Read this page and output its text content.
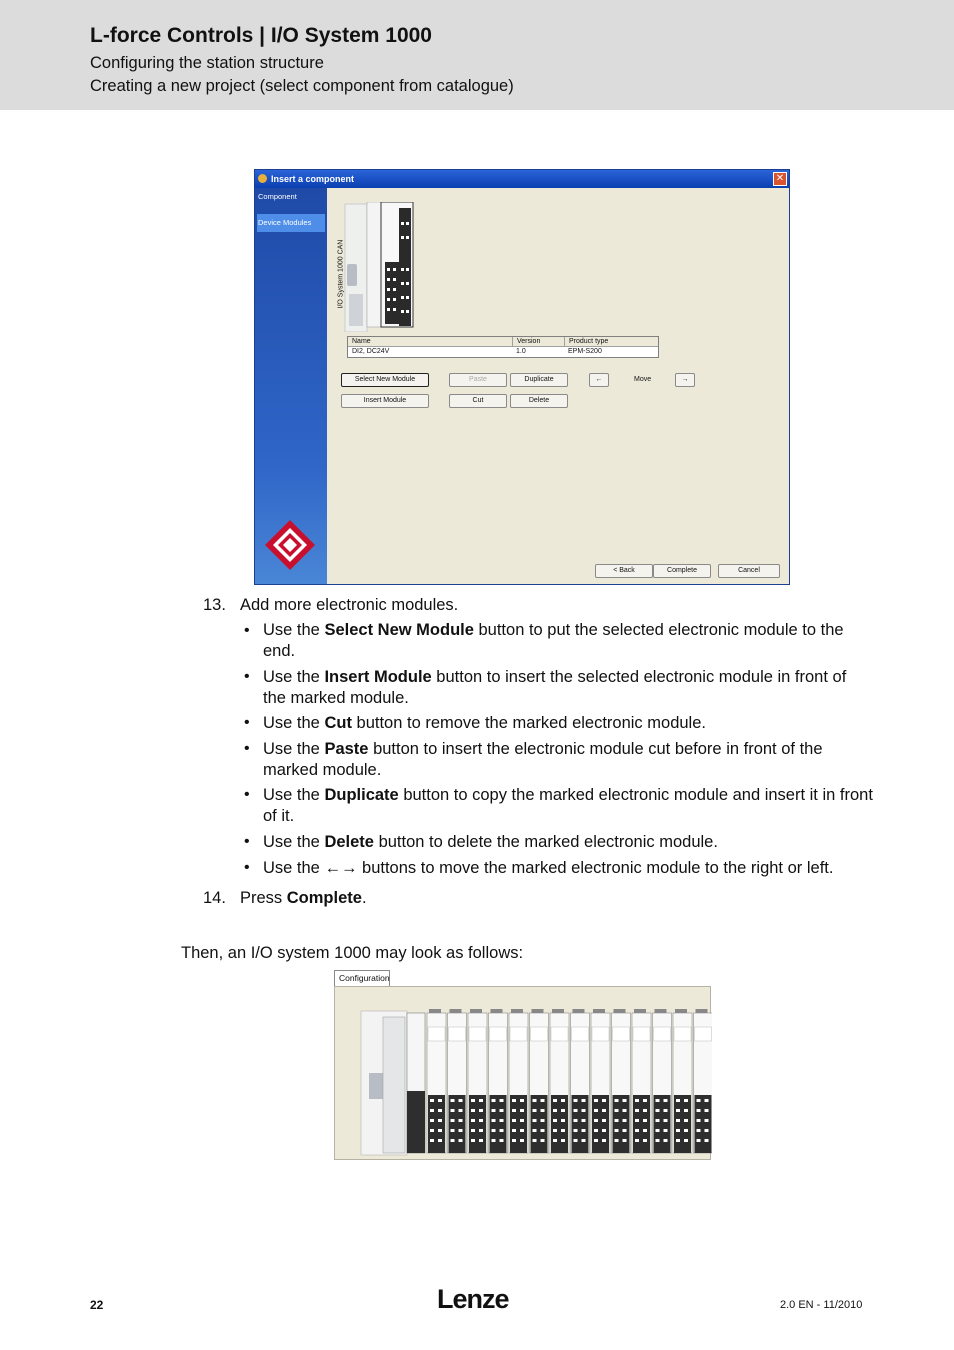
L-force Controls | I/O System 1000
Configuring the station structure
Creating a new project (select component from catalogue)
Insert a component	✕
Component
Device Modules
I/O System 1000 CAN
Name	Version	Product type
DI2, DC24V	1.0	EPM-S200
Select New Module	Paste	Duplicate	←	Move	→
Insert Module	Cut	Delete
< Back	Complete	Cancel
13. Add more electronic modules.
• Use the Select New Module button to put the selected electronic module to the end.
• Use the Insert Module button to insert the selected electronic module in front of the marked module.
• Use the Cut button to remove the marked electronic module.
• Use the Paste button to insert the electronic module cut before in front of the marked module.
• Use the Duplicate button to copy the marked electronic module and insert it in front of it.
• Use the Delete button to delete the marked electronic module.
• Use the ←→ buttons to move the marked electronic module to the right or left.
14. Press Complete.
Then, an I/O system 1000 may look as follows:
Configuration
22	Lenze	2.0 EN - 11/2010
